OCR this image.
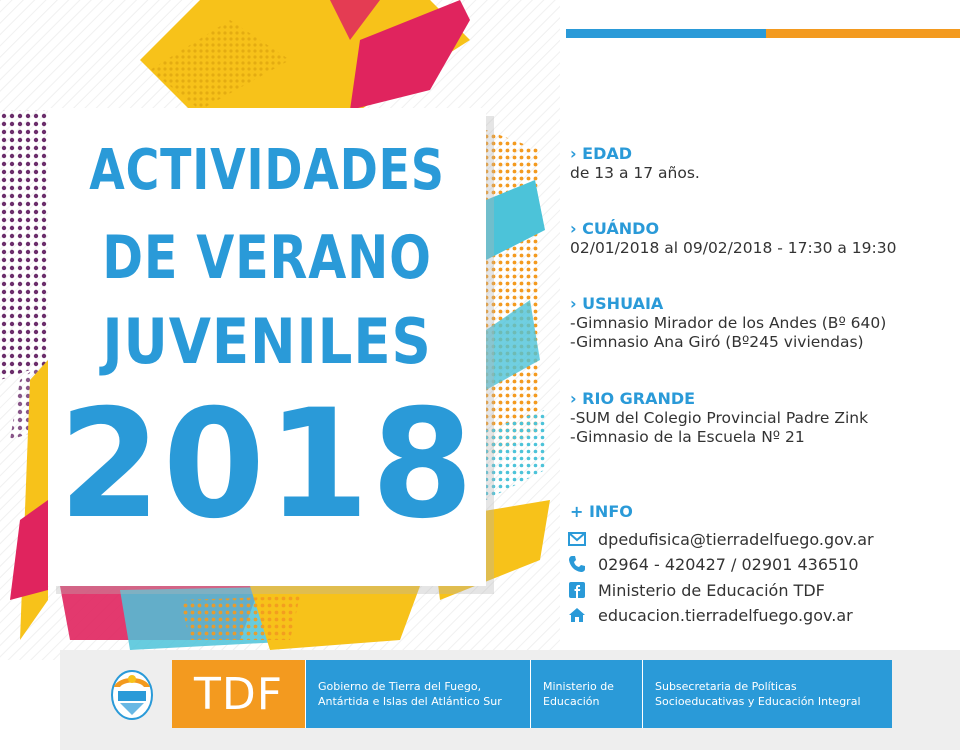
ACTIVIDADES
DE VERANO
JUVENILES
2018
› EDAD
de 13 a 17 años.
› CUÁNDO
02/01/2018 al 09/02/2018 - 17:30 a 19:30
› USHUAIA
-Gimnasio Mirador de los Andes (Bº 640)
-Gimnasio Ana Giró (Bº245 viviendas)
› RIO GRANDE
-SUM del Colegio Provincial Padre Zink
-Gimnasio de la Escuela Nº 21
+ INFO
dpedufisica@tierradelfuego.gov.ar
02964 - 420427 / 02901 436510
Ministerio de Educación TDF
educacion.tierradelfuego.gov.ar
TDF	Gobierno de Tierra del Fuego,
Antártida e Islas del Atlántico Sur
Ministerio de
Educación
Subsecretaria de Políticas
Socioeducativas y Educación Integral
